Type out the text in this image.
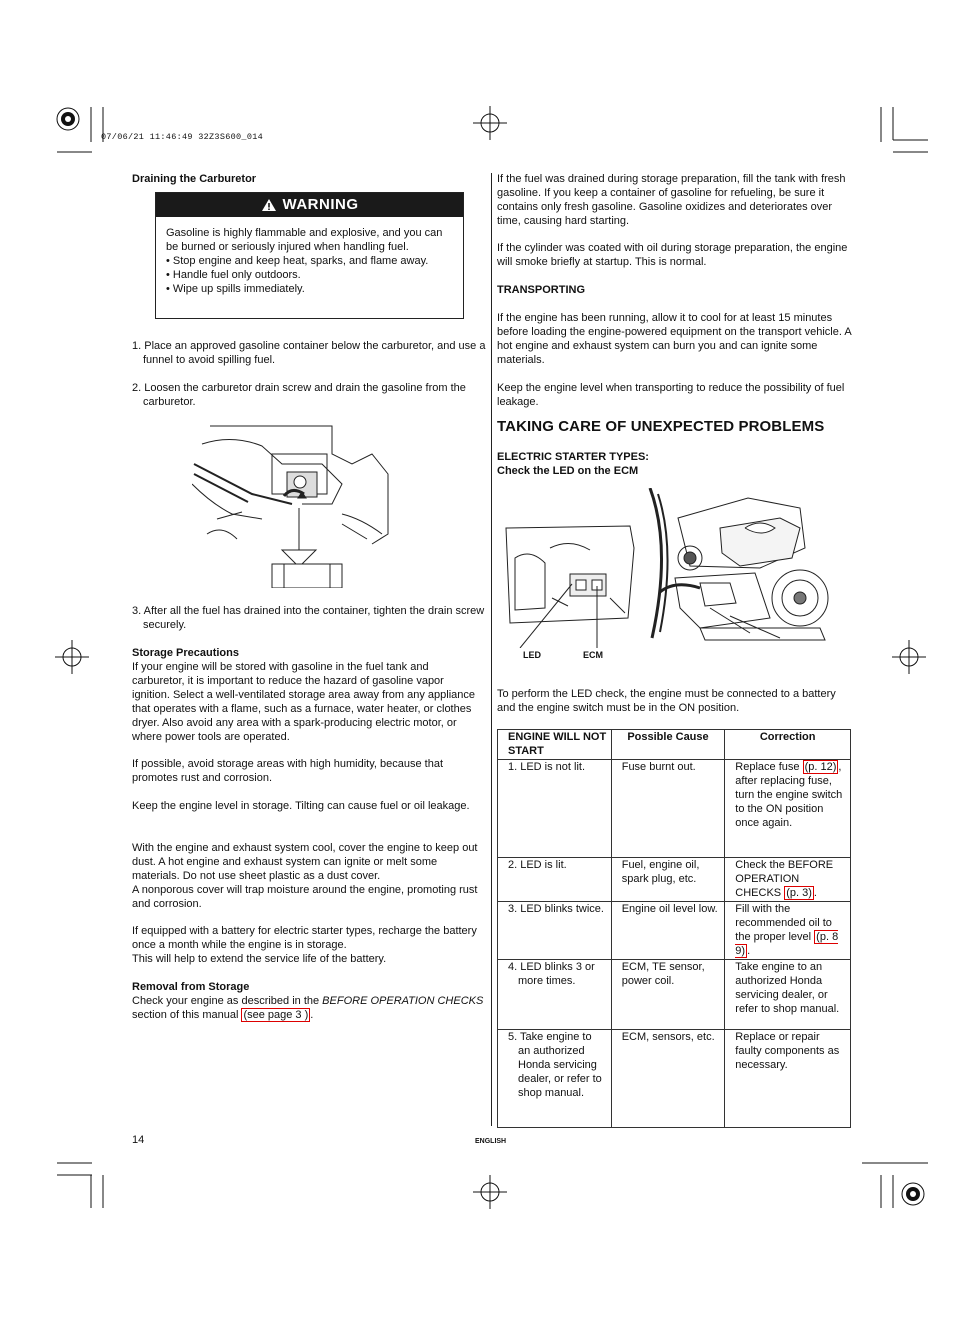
07/06/21 11:46:49 32Z3S600_014
Draining the Carburetor
WARNING
Gasoline is highly flammable and explosive, and you can be burned or seriously injured when handling fuel.
• Stop engine and keep heat, sparks, and flame away.
• Handle fuel only outdoors.
• Wipe up spills immediately.
1. Place an approved gasoline container below the carburetor, and use a funnel to avoid spilling fuel.
2. Loosen the carburetor drain screw and drain the gasoline from the carburetor.
3. After all the fuel has drained into the container, tighten the drain screw securely.
Storage Precautions
If your engine will be stored with gasoline in the fuel tank and carburetor, it is important to reduce the hazard of gasoline vapor ignition. Select a well-ventilated storage area away from any appliance that operates with a flame, such as a furnace, water heater, or clothes dryer. Also avoid any area with a spark-producing electric motor, or where power tools are operated.
If possible, avoid storage areas with high humidity, because that promotes rust and corrosion.
Keep the engine level in storage. Tilting can cause fuel or oil leakage.
With the engine and exhaust system cool, cover the engine to keep out dust. A hot engine and exhaust system can ignite or melt some materials. Do not use sheet plastic as a dust cover.
A nonporous cover will trap moisture around the engine, promoting rust and corrosion.
If equipped with a battery for electric starter types, recharge the battery once a month while the engine is in storage.
This will help to extend the service life of the battery.
Removal from Storage
Check your engine as described in the BEFORE OPERATION CHECKS section of this manual (see page 3 ) .
14
If the fuel was drained during storage preparation, fill the tank with fresh gasoline. If you keep a container of gasoline for refueling, be sure it contains only fresh gasoline. Gasoline oxidizes and deteriorates over time, causing hard starting.
If the cylinder was coated with oil during storage preparation, the engine will smoke briefly at startup. This is normal.
TRANSPORTING
If the engine has been running, allow it to cool for at least 15 minutes before loading the engine-powered equipment on the transport vehicle. A hot engine and exhaust system can burn you and can ignite some materials.
Keep the engine level when transporting to reduce the possibility of fuel leakage.
TAKING CARE OF UNEXPECTED PROBLEMS
ELECTRIC STARTER TYPES:
Check the LED on the ECM
LED	ECM
To perform the LED check, the engine must be connected to a battery and the engine switch must be in the ON position.
ENGINE WILL NOT START	Possible Cause	Correction

1. LED is not lit.	Fuse burnt out.	Replace fuse (p. 12) , after replacing fuse, turn the engine switch to the ON position once again.

2. LED is lit.	Fuel, engine oil, spark plug, etc.	Check the BEFORE OPERATION CHECKS (p. 3) .

3. LED blinks twice.	Engine oil level low.	Fill with the recommended oil to the proper level (p. 8 9) .

4. LED blinks 3 or more times.	ECM, TE sensor, power coil.	Take engine to an authorized Honda servicing dealer, or refer to shop manual.

5. Take engine to an authorized Honda servicing dealer, or refer to shop manual.	ECM, sensors, etc.	Replace or repair faulty components as necessary.
ENGLISH
